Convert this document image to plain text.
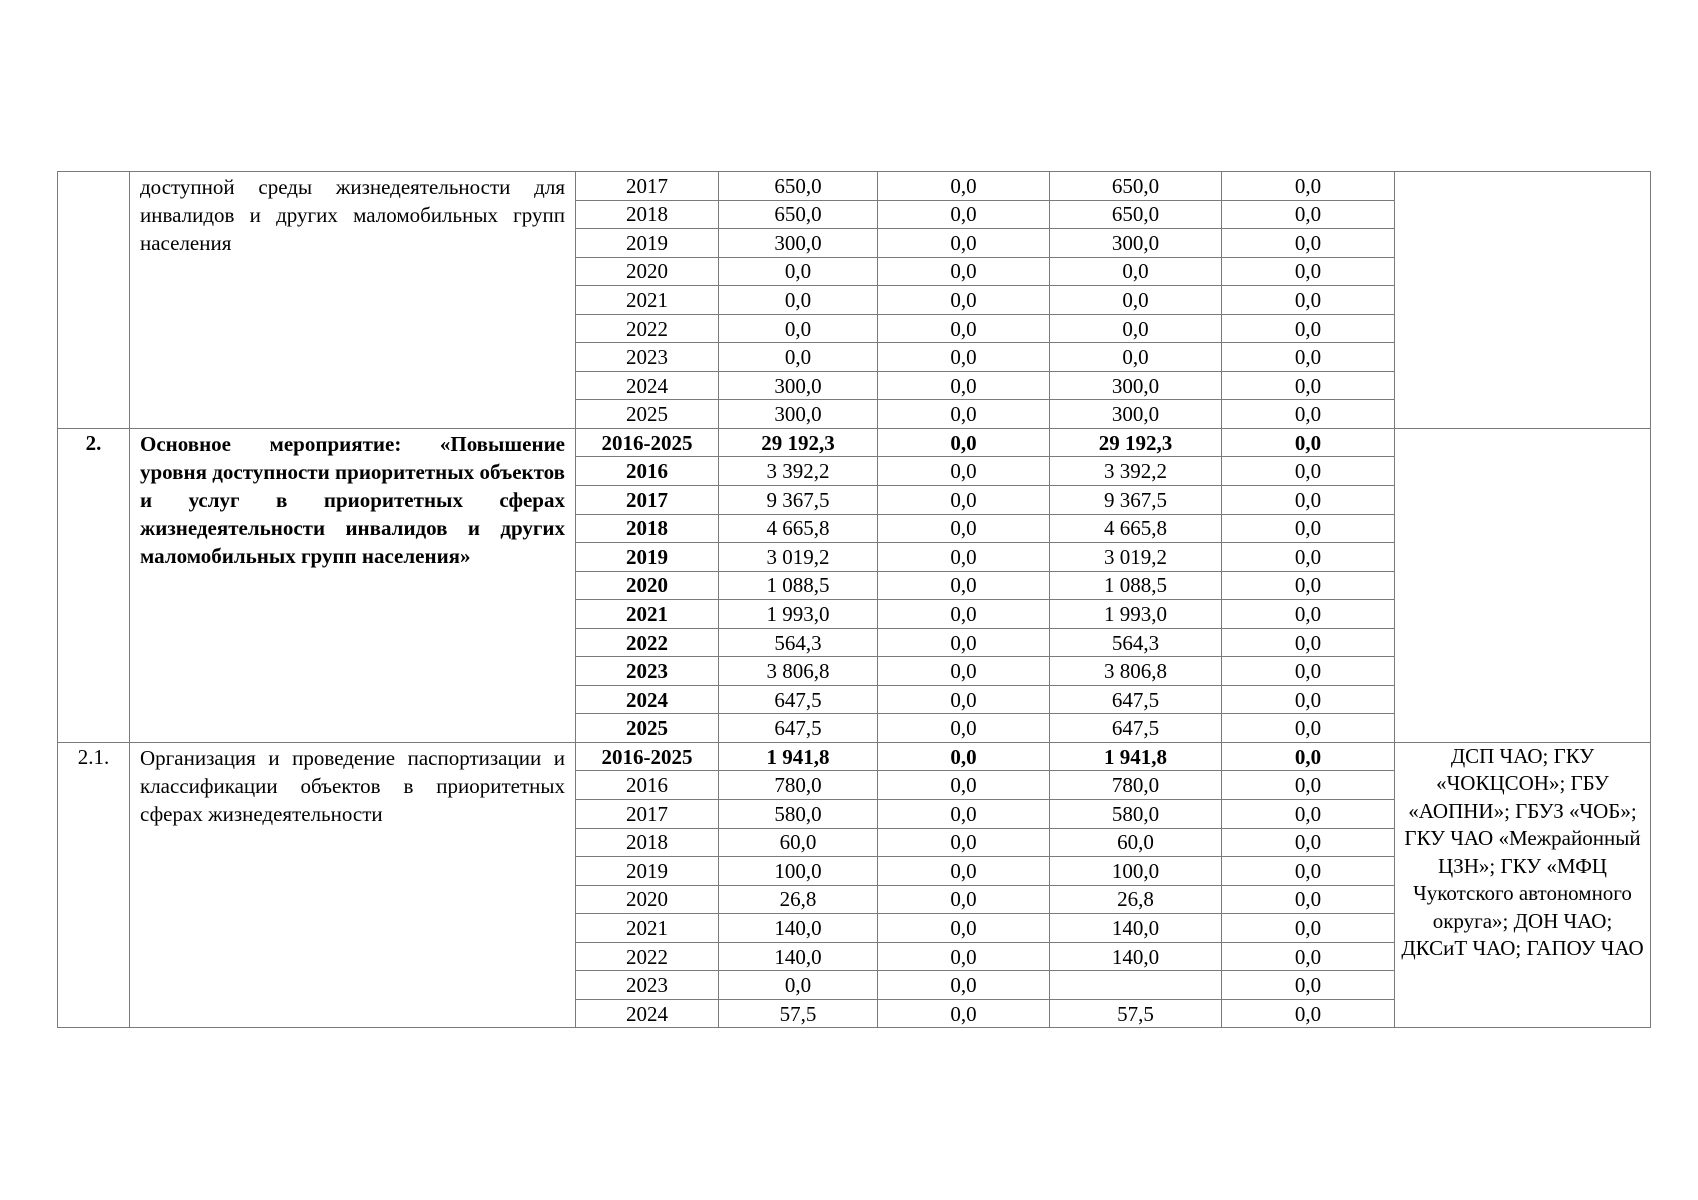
	доступной среды жизнедеятельности для инвалидов и других маломобильных групп населения	2017	650,0	0,0	650,0	0,0	
		2018	650,0	0,0	650,0	0,0	
		2019	300,0	0,0	300,0	0,0	
		2020	0,0	0,0	0,0	0,0	
		2021	0,0	0,0	0,0	0,0	
		2022	0,0	0,0	0,0	0,0	
		2023	0,0	0,0	0,0	0,0	
		2024	300,0	0,0	300,0	0,0	
		2025	300,0	0,0	300,0	0,0	
2.	Основное мероприятие: «Повышение уровня доступности приоритетных объектов и услуг в приоритетных сферах жизнедеятельности инвалидов и других маломобильных групп населения»	2016-2025	29 192,3	0,0	29 192,3	0,0	
		2016	3 392,2	0,0	3 392,2	0,0	
		2017	9 367,5	0,0	9 367,5	0,0	
		2018	4 665,8	0,0	4 665,8	0,0	
		2019	3 019,2	0,0	3 019,2	0,0	
		2020	1 088,5	0,0	1 088,5	0,0	
		2021	1 993,0	0,0	1 993,0	0,0	
		2022	564,3	0,0	564,3	0,0	
		2023	3 806,8	0,0	3 806,8	0,0	
		2024	647,5	0,0	647,5	0,0	
		2025	647,5	0,0	647,5	0,0	
2.1.	Организация и проведение паспортизации и классификации объектов в приоритетных сферах жизнедеятельности	2016-2025	1 941,8	0,0	1 941,8	0,0	ДСП ЧАО; ГКУ «ЧОКЦСОН»; ГБУ «АОПНИ»; ГБУЗ «ЧОБ»; ГКУ ЧАО «Межрайонный ЦЗН»; ГКУ «МФЦ Чукотского автономного округа»; ДОН ЧАО; ДКСиТ ЧАО; ГАПОУ ЧАО
		2016	780,0	0,0	780,0	0,0	
		2017	580,0	0,0	580,0	0,0	
		2018	60,0	0,0	60,0	0,0	
		2019	100,0	0,0	100,0	0,0	
		2020	26,8	0,0	26,8	0,0	
		2021	140,0	0,0	140,0	0,0	
		2022	140,0	0,0	140,0	0,0	
		2023	0,0	0,0		0,0	
		2024	57,5	0,0	57,5	0,0	
